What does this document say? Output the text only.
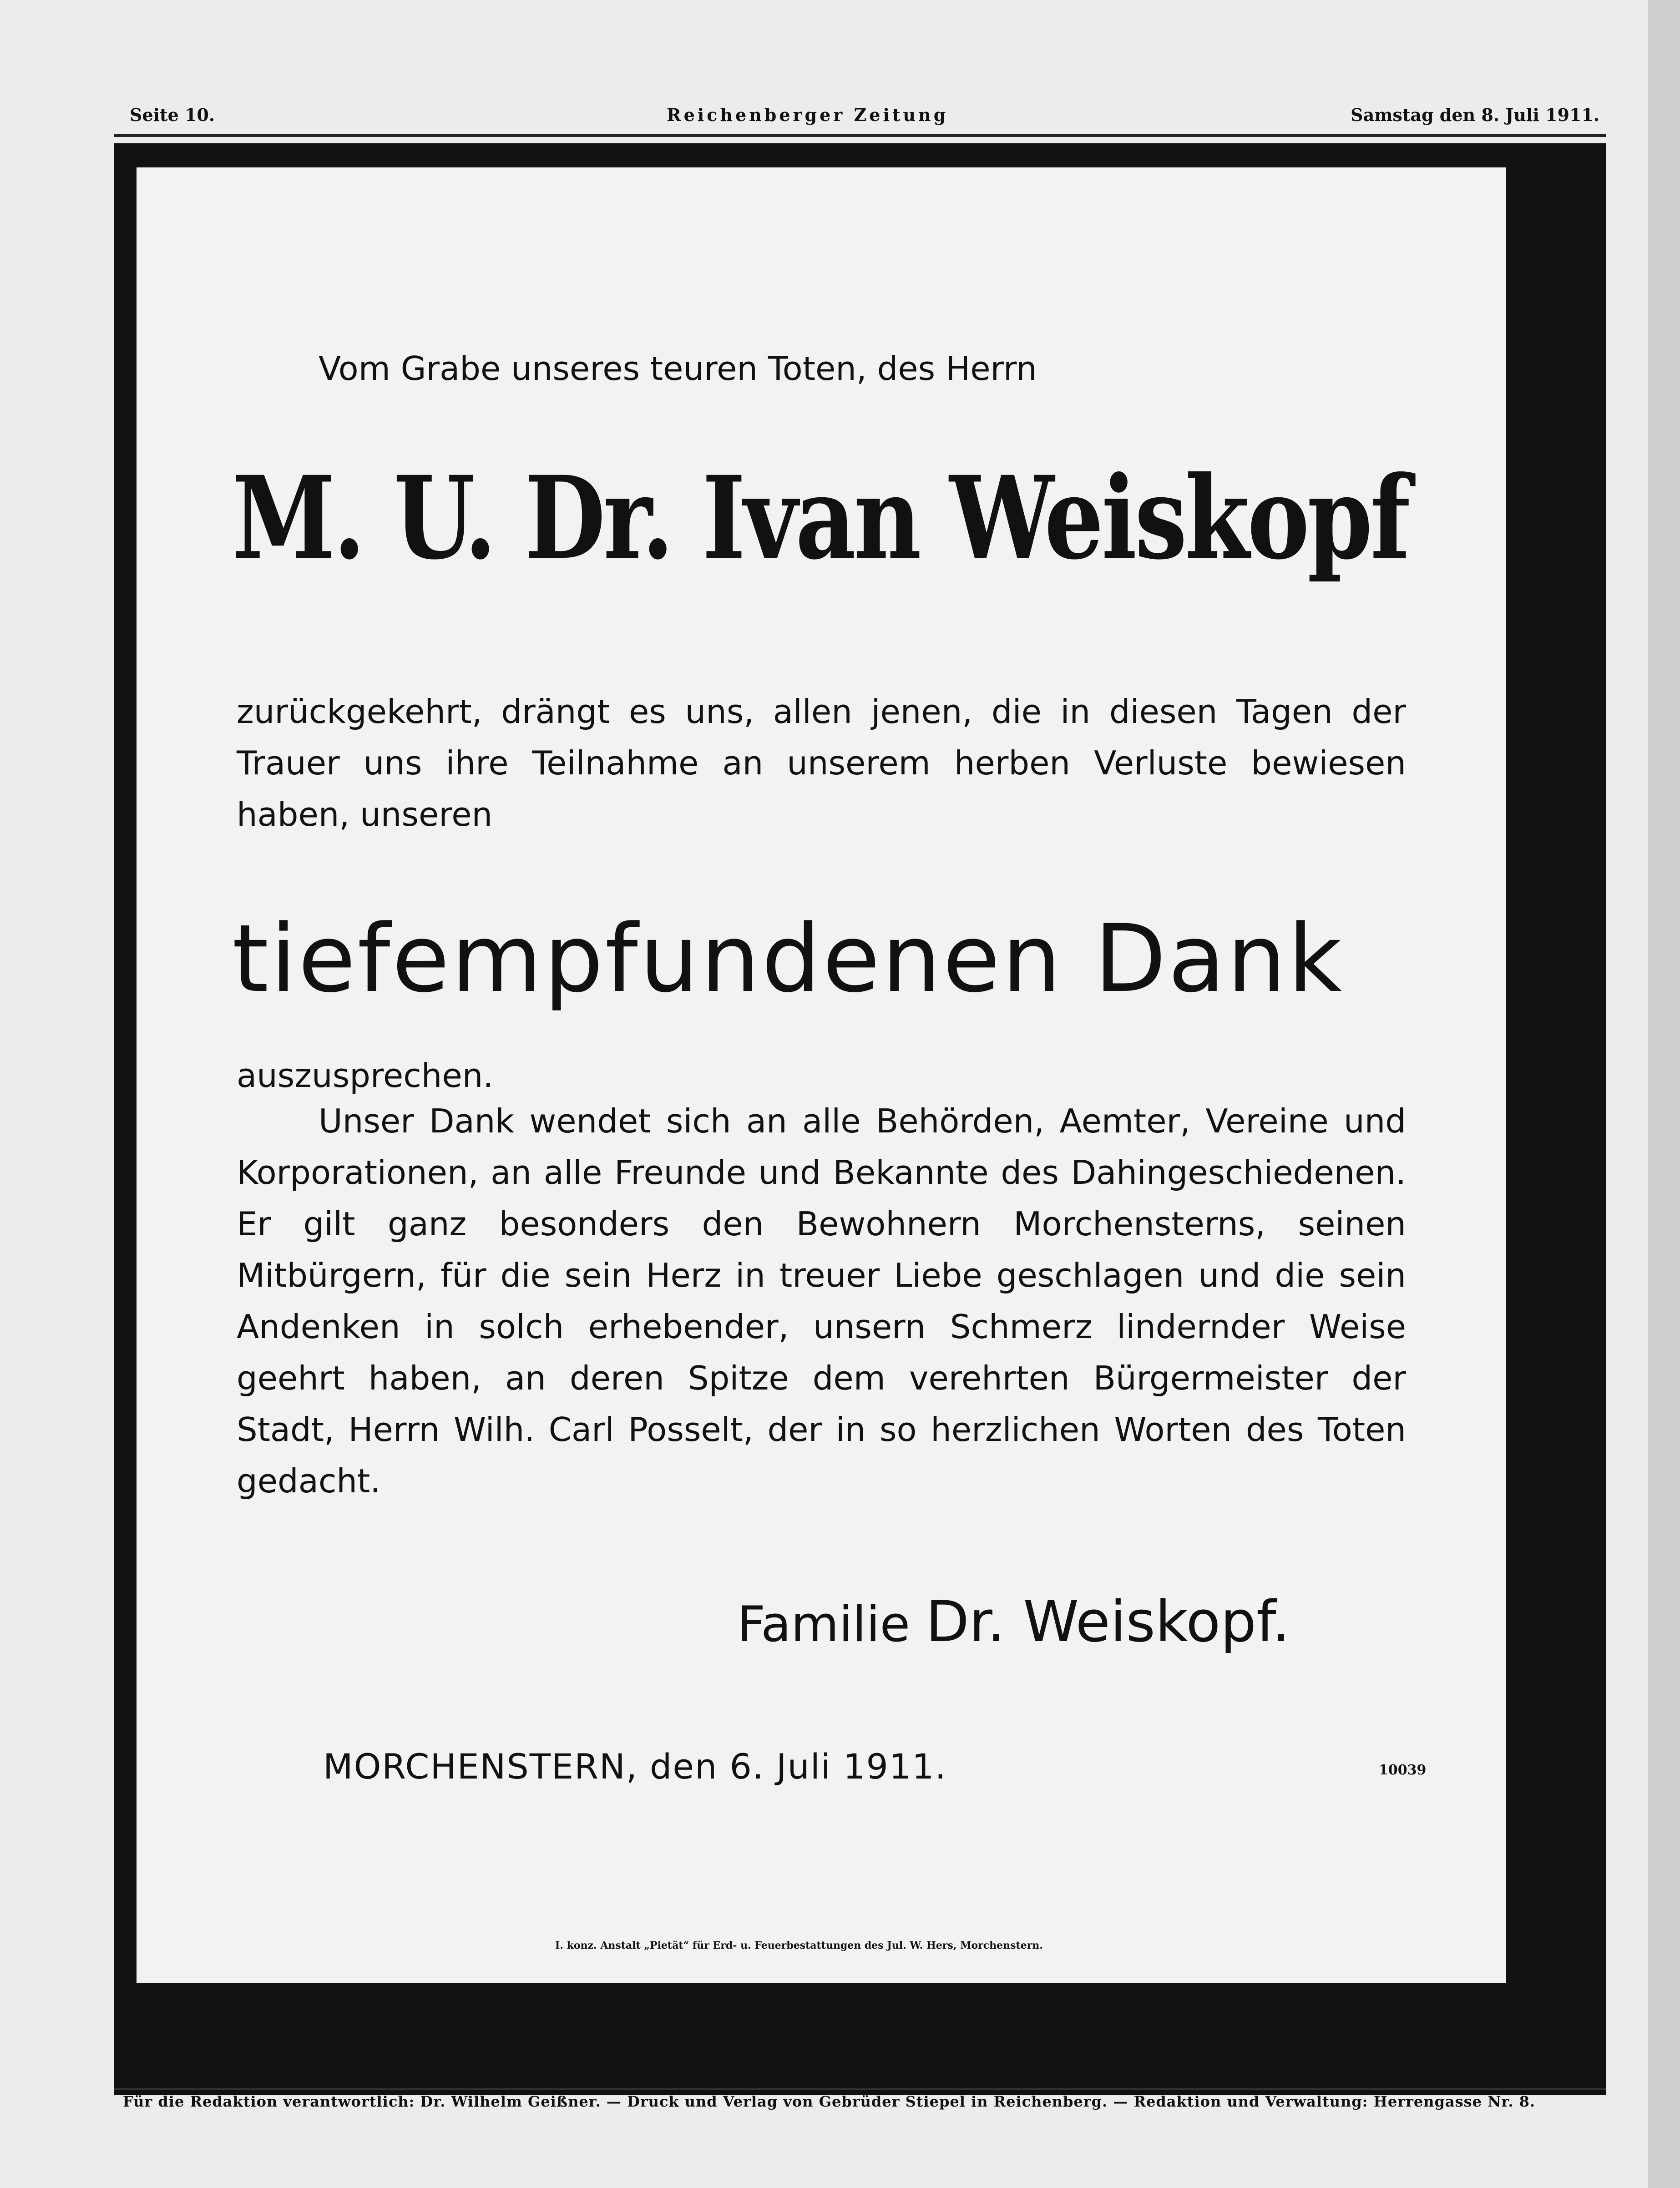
Seite 10.	Reichenberger Zeitung	Samstag den 8. Juli 1911.
Vom Grabe unseres teuren Toten, des Herrn
M. U. Dr. Ivan Weiskopf
zurückgekehrt, drängt es uns, allen jenen, die in diesen Tagen der Trauer uns ihre Teilnahme an unserem herben Verluste bewiesen haben, unseren
tiefempfundenen Dank
auszusprechen.
Unser Dank wendet sich an alle Behörden, Aemter, Vereine und Korporationen, an alle Freunde und Bekannte des Dahingeschiedenen. Er gilt ganz besonders den Bewohnern Morchensterns, seinen Mitbürgern, für die sein Herz in treuer Liebe geschlagen und die sein Andenken in solch erhebender, unsern Schmerz lindernder Weise geehrt haben, an deren Spitze dem verehrten Bürgermeister der Stadt, Herrn Wilh. Carl Posselt, der in so herzlichen Worten des Toten gedacht.
Familie Dr. Weiskopf.
MORCHENSTERN, den 6. Juli 1911.	10039
I. konz. Anstalt „Pietät“ für Erd- u. Feuerbestattungen des Jul. W. Hers, Morchenstern.
Für die Redaktion verantwortlich: Dr. Wilhelm Geißner. — Druck und Verlag von Gebrüder Stiepel in Reichenberg. — Redaktion und Verwaltung: Herrengasse Nr. 8.
